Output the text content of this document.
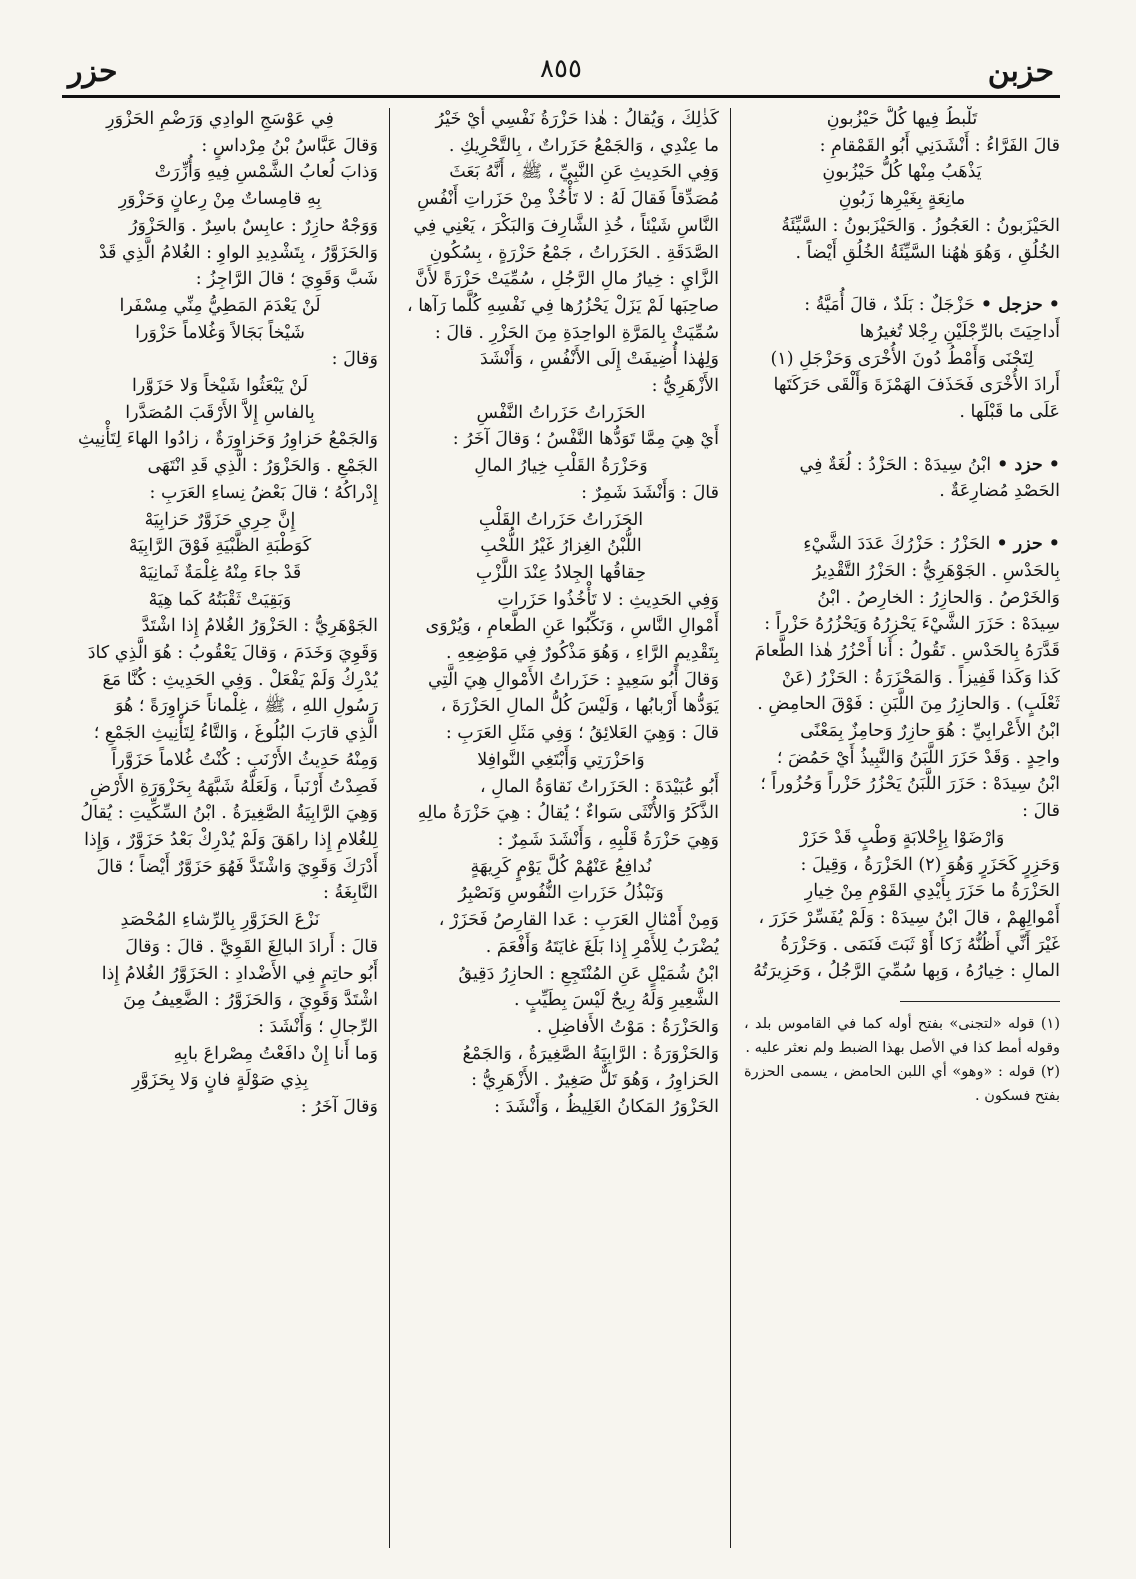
حزبن
٨٥٥
حزر

تَلْبطُ فِيها كُلُّ حَيْزُبونِ

قالَ الفَرَّاءُ : أَنْشَدَنِي أَبُو القَمْقامِ :

يَذْهَبُ مِنْها كُلُّ حَيْزُبونِ

مانِعَةٍ بِغَيْرِها زَبُونِ

الحَيْزَبونُ : العَجُوزُ . وَالحَيْزَبونُ : السَّيِّئَةُ

الخُلُقِ ، وَهُوَ هٰهُنا السَّيِّئَةُ الخُلُقِ أَيْضاً .

• حزجل • حَزْجَلٌ : بَلَدٌ ، قالَ أُمَيَّةُ :

أَداحِيَتَ بالرِّجْلَيْنِ رِجْلا تُغيرُها

لِتَجْنَى وَأَمْطُ دُونَ الأُخْرَى وَحَزْجَلِ (١)

أَرادَ الأُخْرَى فَحَذَفَ الهَمْزَةَ وَأَلْقَى حَرَكَتَها

عَلَى ما قَبْلَها .

• حزد • ابْنُ سِيدَهْ : الحَزْدُ : لُغَةٌ فِي

الحَصْدِ مُضارِعَةٌ .

• حزر • الحَزْرُ : حَزْرُكَ عَدَدَ الشَّيْءِ

بِالحَدْسِ . الجَوْهَرِيُّ : الحَزْرُ التَّقْدِيرُ

وَالخَرْصُ . وَالحازِرُ : الخارِصُ . ابْنُ

سِيدَهْ : حَزَرَ الشَّيْءَ يَحْزِرُهُ وَيَحْزُرُهُ حَزْراً :

قَدَّرَهُ بِالحَدْسِ . تَقُولُ : أَنا أَحْزُرُ هٰذا الطَّعامَ

كَذا وَكَذا قَفِيزاً . وَالمَحْزَرَةُ : الحَزْرُ (عَنْ

ثَعْلَبٍ) . وَالحازِرُ مِنَ اللَّبَنِ : فَوْقَ الحامِضِ .

ابْنُ الأَعْرابِيِّ : هُوَ حازِرٌ وَحامِزٌ بِمَعْنًى

واحِدٍ . وَقَدْ حَزَرَ اللَّبَنُ وَالنَّبِيذُ أَيْ حَمُضَ ؛

ابْنُ سِيدَهْ : حَزَرَ اللَّبَنُ يَحْزُرُ حَزْراً وَحُزُوراً ؛

قالَ :

وَارْضَوْا بِإِحْلابَةٍ وَطْبٍ قَدْ حَزَرْ

وَحَزِرٍ كَحَزَرٍ وَهُوَ (٢) الحَزْرَةُ ، وَقِيلَ :

الحَزْرَةُ ما حَزَرَ بِأَيْدِي القَوْمِ مِنْ خِيارِ

أَمْوالِهِمْ ، قالَ ابْنُ سِيدَهْ : وَلَمْ يُفَسِّرْ حَزَرَ ،

غَيْرَ أَنِّي أَظُنُّهُ زَكا أَوْ ثَبَتَ فَنَمَى . وَحَزْرَةُ

المالِ : خِيارُهُ ، وَبِها سُمِّيَ الرَّجُلُ ، وَحَزِيرَتُهُ

(١) قوله «لتجنى» بفتح أوله كما في القاموس بلد ، وقوله أمط كذا في الأصل بهذا الضبط ولم نعثر عليه .

(٢) قوله : «وهو» أي اللبن الحامض ، يسمى الحزرة بفتح فسكون .

كَذٰلِكَ ، وَيُقالُ : هٰذا حَزْرَةُ نَفْسِي أَيْ خَيْرُ

ما عِنْدِي ، وَالجَمْعُ حَزَراتٌ ، بِالتَّحْرِيكِ .

وَفِي الحَدِيثِ عَنِ النَّبِيِّ ، ﷺ ، أَنَّهُ بَعَثَ

مُصَدِّقاً فَقالَ لَهُ : لا تَأْخُذْ مِنْ حَزَراتِ أَنْفُسِ

النَّاسِ شَيْئاً ، خُذِ الشَّارِفَ وَالبَكْرَ ، يَعْنِي فِي

الصَّدَقَةِ . الحَزَراتُ ، جَمْعُ حَزْرَةٍ ، بِسُكُونِ

الزَّايِ : خِيارُ مالِ الرَّجُلِ ، سُمِّيَتْ حَزْرَةً لأَنَّ

صاحِبَها لَمْ يَزَلْ يَحْزُرُها فِي نَفْسِهِ كُلَّما رَآها ،

سُمِّيَتْ بِالمَرَّةِ الواحِدَةِ مِنَ الحَزْرِ . قالَ :

وَلِهٰذا أُضِيفَتْ إِلَى الأَنْفُسِ ، وَأَنْشَدَ

الأَزْهَرِيُّ :

الحَزَراتُ حَزَراتُ النَّفْسِ

أَيْ هِيَ مِمَّا تَوَدُّها النَّفْسُ ؛ وَقالَ آخَرُ :

وَحَزْرَةُ القَلْبِ خِيارُ المالِ

قالَ : وَأَنْشَدَ شَمِرٌ :

الحَزَراتُ حَزَراتُ القَلْبِ

اللُّبْنُ الغِزارُ غَيْرُ اللُّحْبِ

حِقاقُها الجِلادُ عِنْدَ اللَّزْبِ

وَفِي الحَدِيثِ : لا تَأْخُذُوا حَزَراتِ

أَمْوالِ النَّاسِ ، وَنَكِّبُوا عَنِ الطَّعامِ ، وَيُرْوَى

بِتَقْدِيمِ الرَّاءِ ، وَهُوَ مَذْكُورٌ فِي مَوْضِعِهِ .

وَقالَ أَبُو سَعِيدٍ : حَزَراتُ الأَمْوالِ هِيَ الَّتِي

يَوَدُّها أَرْبابُها ، وَلَيْسَ كُلُّ المالِ الحَزْرَةَ ،

قالَ : وَهِيَ العَلائِقُ ؛ وَفِي مَثَلِ العَرَبِ :

وَاحَزْرَتِي وَأَبْتَغِي النَّوافِلا

أَبُو عُبَيْدَةَ : الحَزَراتُ نَقاوَةُ المالِ ،

الذَّكَرُ وَالأُنْثَى سَواءٌ ؛ يُقالُ : هِيَ حَزْرَةُ مالِهِ

وَهِيَ حَزْرَةُ قَلْبِهِ ، وَأَنْشَدَ شَمِرٌ :

نُدافِعُ عَنْهُمْ كُلَّ يَوْمٍ كَرِيهَةٍ

وَنَبْذُلُ حَزَراتِ النُّفُوسِ وَنَصْبِرُ

وَمِنْ أَمْثالِ العَرَبِ : عَدا القارِصُ فَحَزَرْ ،

يُضْرَبُ لِلأَمْرِ إِذا بَلَغَ غايَتَهُ وَأَفْعَمَ .

ابْنُ شُمَيْلٍ عَنِ المُنْتَجِعِ : الحازِرُ دَقِيقُ

الشَّعِيرِ وَلَهُ رِيحٌ لَيْسَ بِطَيِّبٍ .

وَالحَزْرَةُ : مَوْتُ الأَفاضِلِ .

وَالحَزْوَرَةُ : الرَّابِيَةُ الصَّغِيرَةُ ، وَالجَمْعُ

الحَزاوِرُ ، وَهُوَ تَلٌّ صَغِيرٌ . الأَزْهَرِيُّ :

الحَزْوَرُ المَكانُ الغَلِيظُ ، وَأَنْشَدَ :

فِي عَوْسَجِ الوادِي وَرَضْمِ الحَزْوَرِ

وَقالَ عَبَّاسُ بْنُ مِرْداسٍ :

وَذابَ لُعابُ الشَّمْسِ فِيهِ وَأُزِّرَتْ

بِهِ قامِساتٌ مِنْ رِعانٍ وَحَزْوَرِ

وَوَجْهٌ حازِرٌ : عابِسٌ باسِرٌ . وَالحَزْوَرُ

وَالحَزَوَّرُ ، بِتَشْدِيدِ الواوِ : الغُلامُ الَّذِي قَدْ

شَبَّ وَقَوِيَ ؛ قالَ الرَّاجِزُ :

لَنْ يَعْدَمَ المَطِيُّ مِنِّي مِسْفَرا

شَيْخاً بَجَالاً وَغُلاماً حَزْوَرا

وَقالَ :

لَنْ يَبْعَثُوا شَيْخاً وَلا حَزَوَّرا

بِالفاسِ إِلاَّ الأَرْقَبَ المُصَدَّرا

وَالجَمْعُ حَزاوِرُ وَحَزاوِرَةٌ ، زادُوا الهاءَ لِتَأْنِيثِ

الجَمْعِ . وَالحَزْوَرُ : الَّذِي قَدِ انْتَهَى

إِدْراكُهُ ؛ قالَ بَعْضُ نِساءِ العَرَبِ :

إِنَّ حِرِي حَزَوَّرٌ حَزابِيَهْ

كَوَطْبَةِ الظَّبْيَةِ فَوْقَ الرَّابِيَهْ

قَدْ جاءَ مِنْهُ غِلْمَةٌ ثَمانِيَهْ

وَبَقِيَتْ ثَقْبَتُهُ كَما هِيَهْ

الجَوْهَرِيُّ : الحَزْوَرُ الغُلامُ إِذا اشْتَدَّ

وَقَوِيَ وَخَدَمَ ، وَقالَ يَعْقُوبُ : هُوَ الَّذِي كادَ

يُدْرِكُ وَلَمْ يَفْعَلْ . وَفِي الحَدِيثِ : كُنَّا مَعَ

رَسُولِ اللهِ ، ﷺ ، غِلْماناً حَزاوِرَةً ؛ هُوَ

الَّذِي قارَبَ البُلُوغَ ، وَالتَّاءُ لِتَأْنِيثِ الجَمْعِ ؛

وَمِنْهُ حَدِيثُ الأَرْنَبِ : كُنْتُ غُلاماً حَزَوَّراً

فَصِدْتُ أَرْنَباً ، وَلَعَلَّهُ شَبَّهَهُ بِحَزْوَرَةِ الأَرْضِ

وَهِيَ الرَّابِيَةُ الصَّغِيرَةُ . ابْنُ السِّكِّيتِ : يُقالُ

لِلغُلامِ إِذا راهَقَ وَلَمْ يُدْرِكْ بَعْدُ حَزَوَّرٌ ، وَإِذا

أَدْرَكَ وَقَوِيَ وَاشْتَدَّ فَهُوَ حَزَوَّرٌ أَيْضاً ؛ قالَ

النَّابِغَةُ :

نَزْعَ الحَزَوَّرِ بِالرِّشاءِ المُحْصَدِ

قالَ : أَرادَ البالِغَ القَوِيَّ . قالَ : وَقالَ

أَبُو حاتِمٍ فِي الأَضْدادِ : الحَزَوَّرُ الغُلامُ إِذا

اشْتَدَّ وَقَوِيَ ، وَالحَزَوَّرُ : الضَّعِيفُ مِنَ

الرِّجالِ ؛ وَأَنْشَدَ :

وَما أَنا إِنْ دافَعْتُ مِصْراعَ بابِهِ

بِذِي صَوْلَةٍ فانٍ وَلا بِحَزَوَّرِ

وَقالَ آخَرُ :
